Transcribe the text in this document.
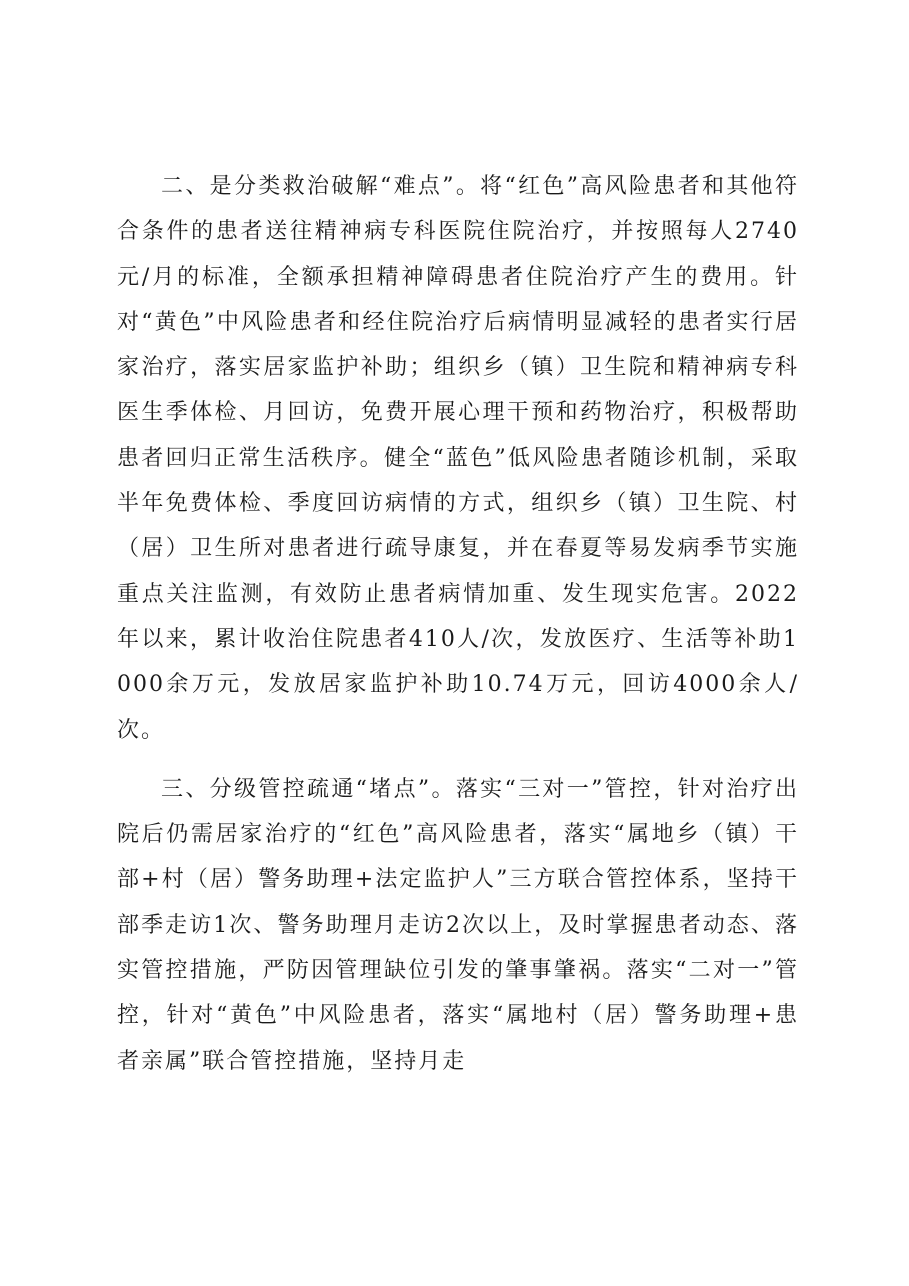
二、是分类救治破解“难点”。将“红色”高风险患者和其他符合条件的患者送往精神病专科医院住院治疗，并按照每人2740元/月的标准，全额承担精神障碍患者住院治疗产生的费用。针对“黄色”中风险患者和经住院治疗后病情明显减轻的患者实行居家治疗，落实居家监护补助；组织乡（镇）卫生院和精神病专科医生季体检、月回访，免费开展心理干预和药物治疗，积极帮助患者回归正常生活秩序。健全“蓝色”低风险患者随诊机制，采取半年免费体检、季度回访病情的方式，组织乡（镇）卫生院、村（居）卫生所对患者进行疏导康复，并在春夏等易发病季节实施重点关注监测，有效防止患者病情加重、发生现实危害。2022年以来，累计收治住院患者410人/次，发放医疗、生活等补助1000余万元，发放居家监护补助10.74万元，回访4000余人/次。

三、分级管控疏通“堵点”。落实“三对一”管控，针对治疗出院后仍需居家治疗的“红色”高风险患者，落实“属地乡（镇）干部+村（居）警务助理+法定监护人”三方联合管控体系，坚持干部季走访1次、警务助理月走访2次以上，及时掌握患者动态、落实管控措施，严防因管理缺位引发的肇事肇祸。落实“二对一”管控，针对“黄色”中风险患者，落实“属地村（居）警务助理+患者亲属”联合管控措施，坚持月走
